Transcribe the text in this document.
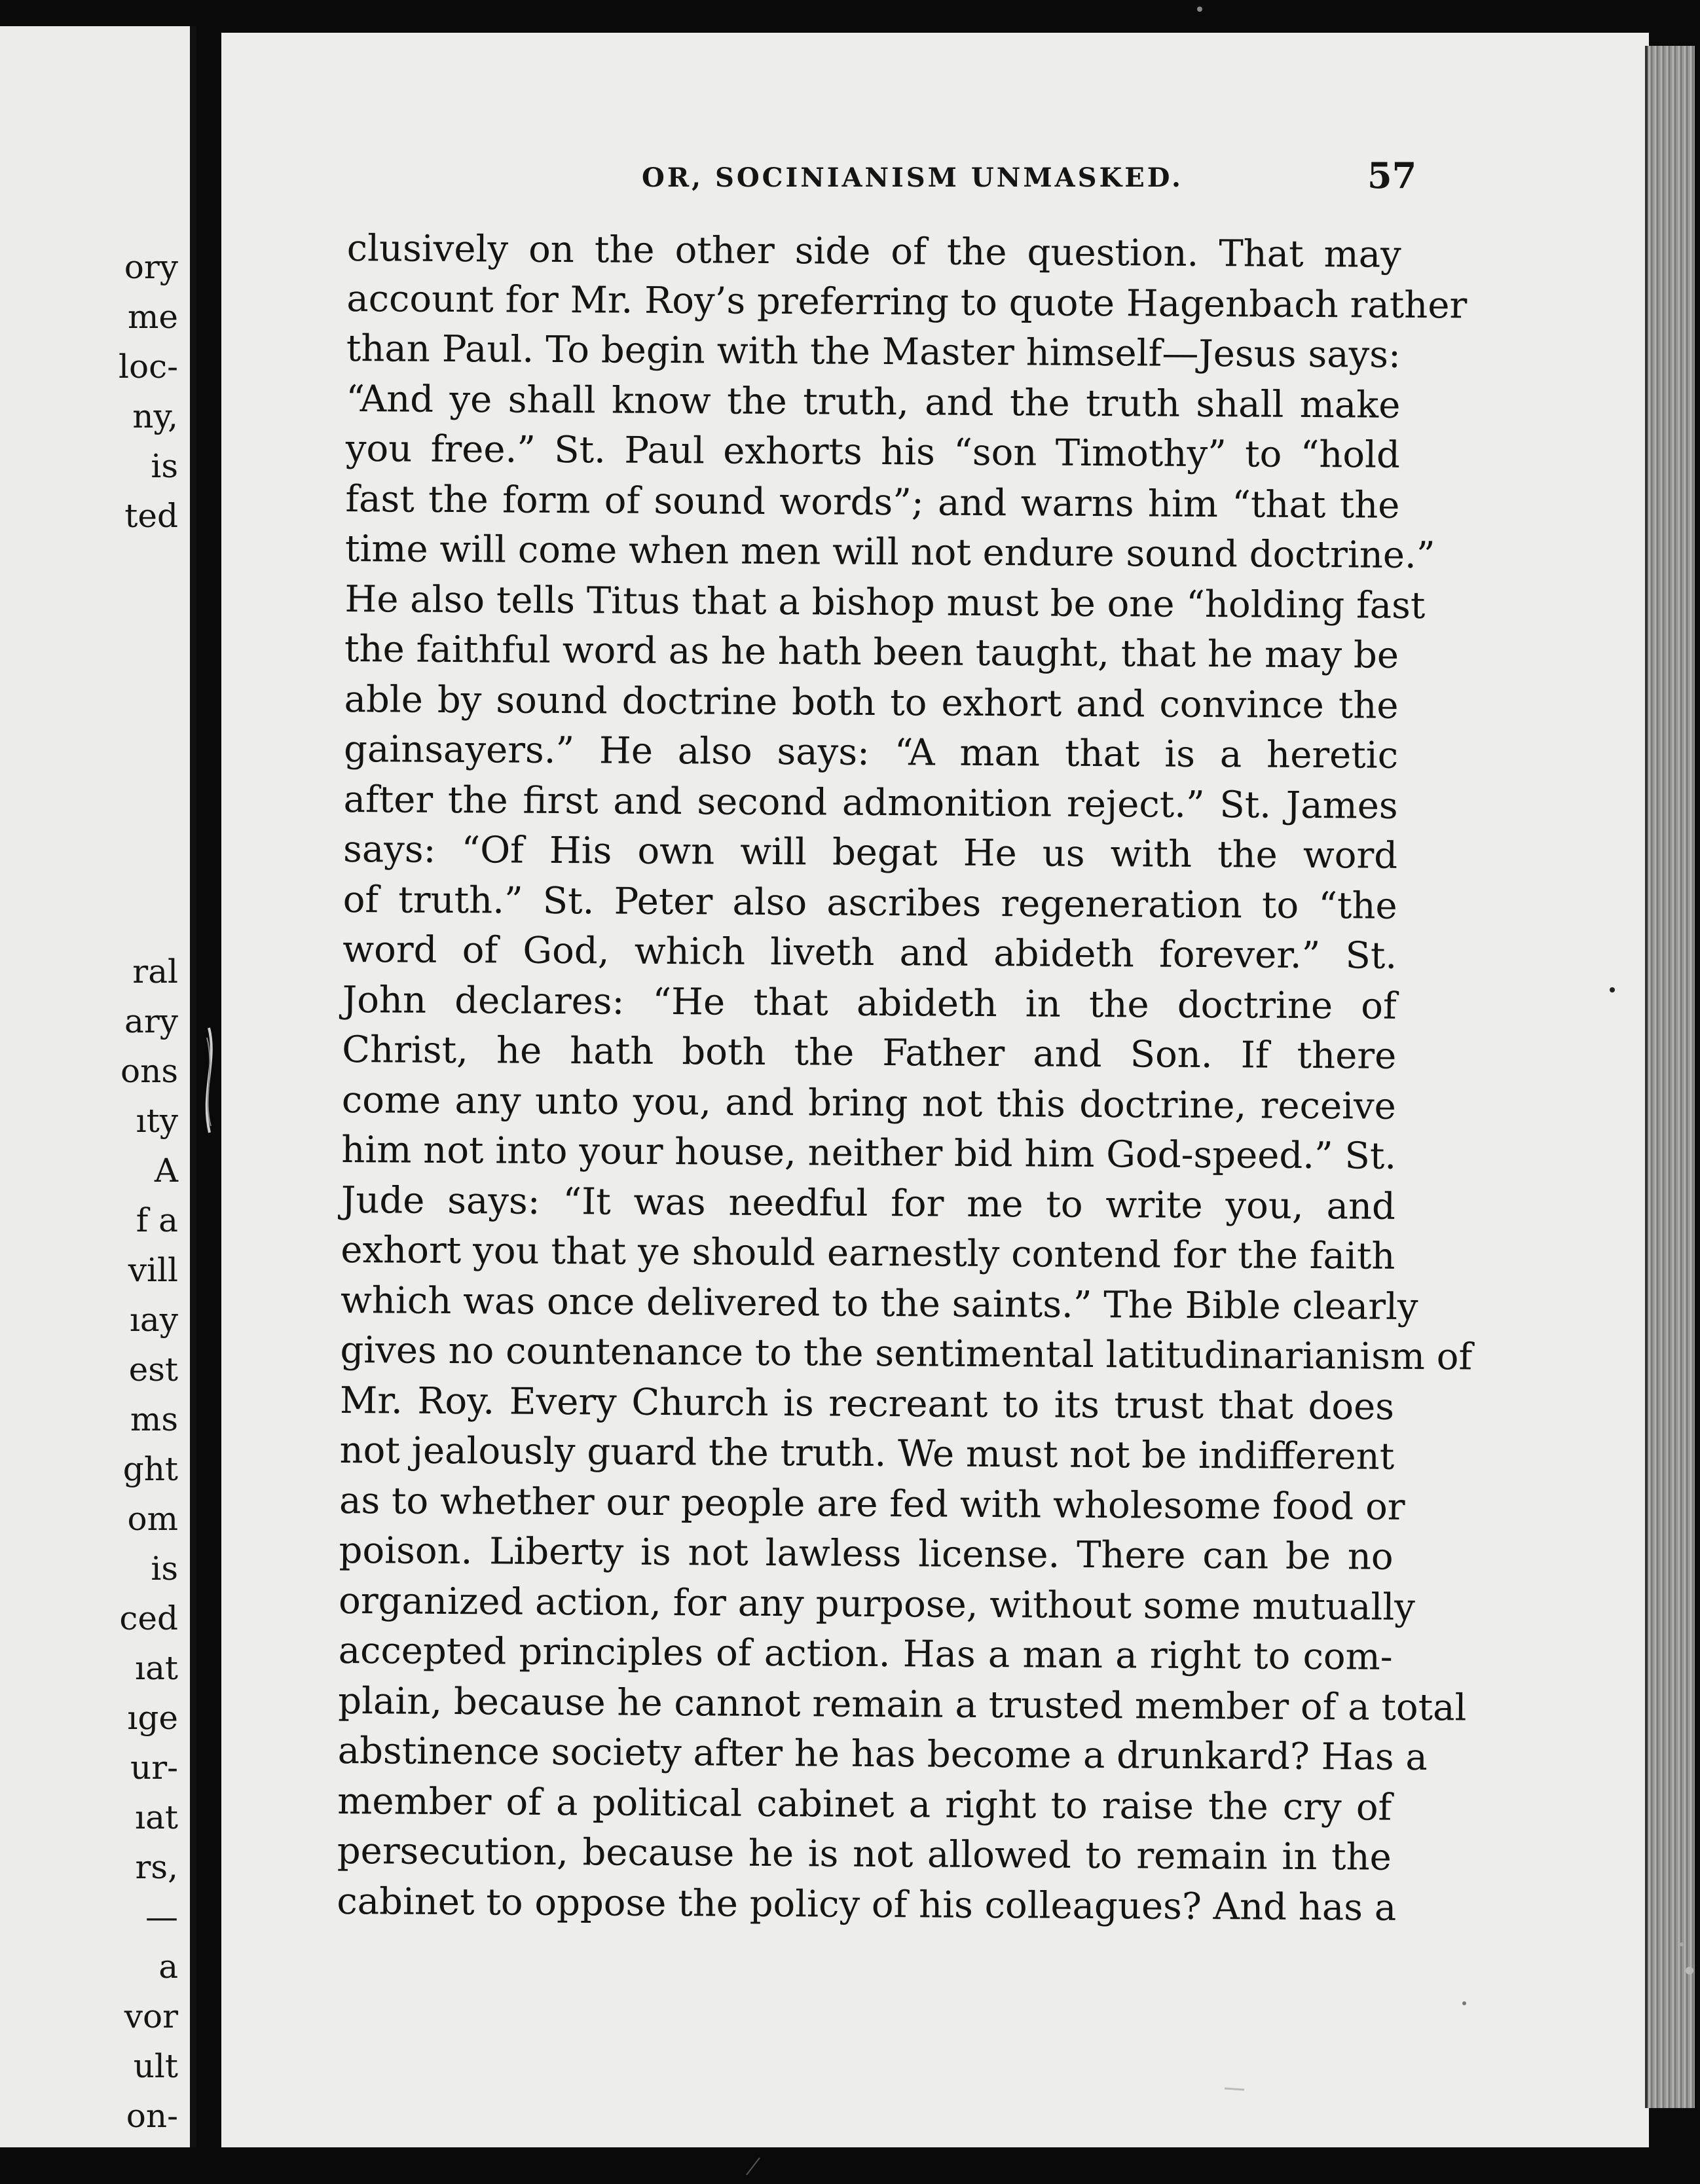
ory
me
loc-
ny,
is
ted
ral
ary
ons
ıty
A
f a
vill
ıay
est
ms
ght
om
is
ced
ıat
ıge
ur-
ıat
rs,
—
a
vor
ult
on-
OR, SOCINIANISM UNMASKED.	57
clusively on the other side of the question. That may
account for Mr. Roy’s preferring to quote Hagenbach rather
than Paul. To begin with the Master himself—Jesus says:
“And ye shall know the truth, and the truth shall make
you free.” St. Paul exhorts his “son Timothy” to “hold
fast the form of sound words”; and warns him “that the
time will come when men will not endure sound doctrine.”
He also tells Titus that a bishop must be one “holding fast
the faithful word as he hath been taught, that he may be
able by sound doctrine both to exhort and convince the
gainsayers.” He also says: “A man that is a heretic
after the first and second admonition reject.” St. James
says: “Of His own will begat He us with the word
of truth.” St. Peter also ascribes regeneration to “the
word of God, which liveth and abideth forever.” St.
John declares: “He that abideth in the doctrine of
Christ, he hath both the Father and Son. If there
come any unto you, and bring not this doctrine, receive
him not into your house, neither bid him God-speed.” St.
Jude says: “It was needful for me to write you, and
exhort you that ye should earnestly contend for the faith
which was once delivered to the saints.” The Bible clearly
gives no countenance to the sentimental latitudinarianism of
Mr. Roy. Every Church is recreant to its trust that does
not jealously guard the truth. We must not be indifferent
as to whether our people are fed with wholesome food or
poison. Liberty is not lawless license. There can be no
organized action, for any purpose, without some mutually
accepted principles of action. Has a man a right to com-
plain, because he cannot remain a trusted member of a total
abstinence society after he has become a drunkard? Has a
member of a political cabinet a right to raise the cry of
persecution, because he is not allowed to remain in the
cabinet to oppose the policy of his colleagues? And has a
